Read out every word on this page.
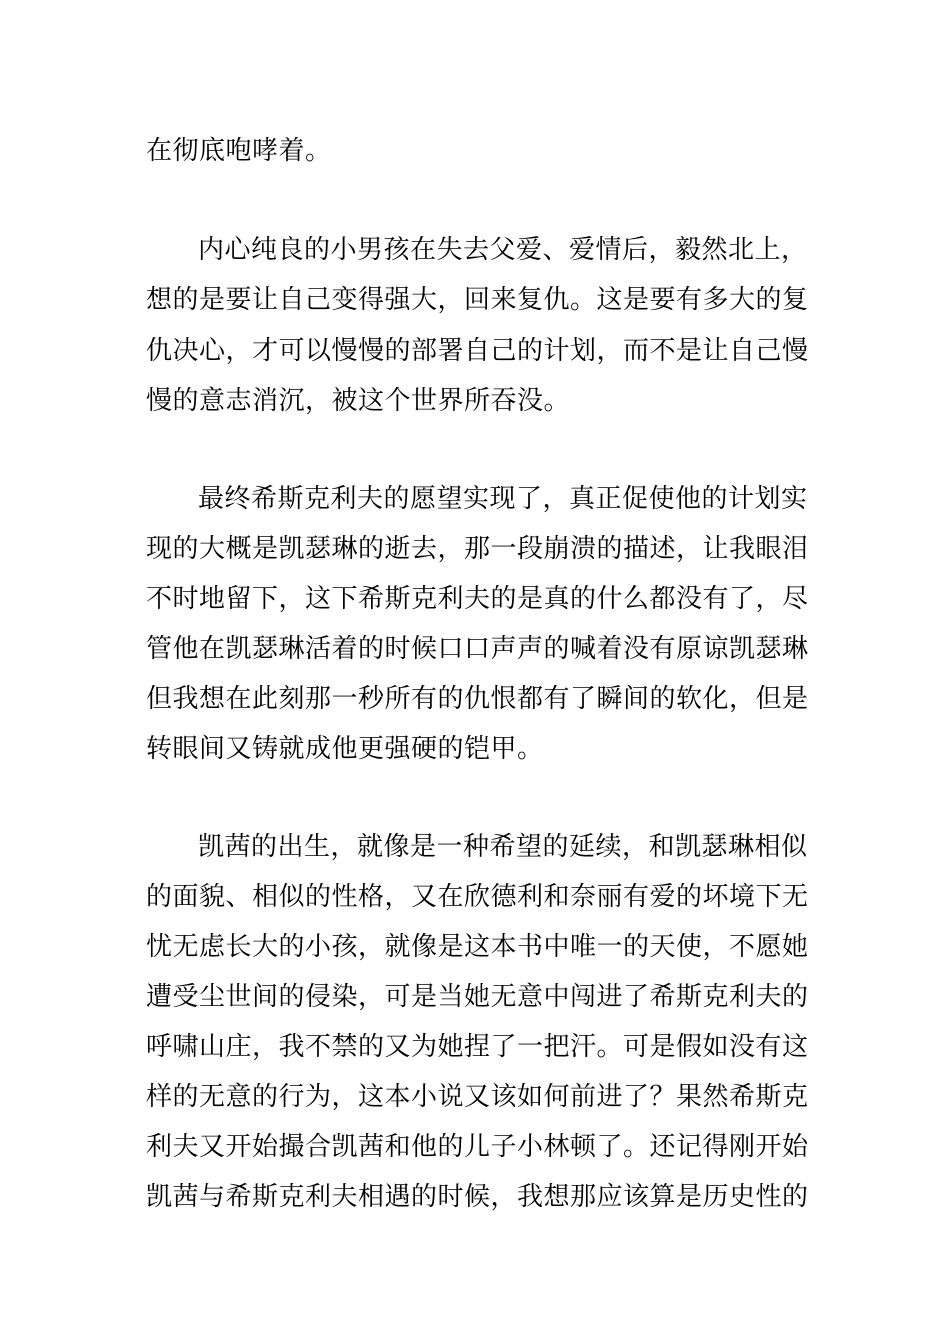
在彻底咆哮着。
内心纯良的小男孩在失去父爱、爱情后，毅然北上，
想的是要让自己变得强大，回来复仇。这是要有多大的复
仇决心，才可以慢慢的部署自己的计划，而不是让自己慢
慢的意志消沉，被这个世界所吞没。
最终希斯克利夫的愿望实现了，真正促使他的计划实
现的大概是凯瑟琳的逝去，那一段崩溃的描述，让我眼泪
不时地留下，这下希斯克利夫的是真的什么都没有了，尽
管他在凯瑟琳活着的时候口口声声的喊着没有原谅凯瑟琳
但我想在此刻那一秒所有的仇恨都有了瞬间的软化，但是
转眼间又铸就成他更强硬的铠甲。
凯茜的出生，就像是一种希望的延续，和凯瑟琳相似
的面貌、相似的性格，又在欣德利和奈丽有爱的坏境下无
忧无虑长大的小孩，就像是这本书中唯一的天使，不愿她
遭受尘世间的侵染，可是当她无意中闯进了希斯克利夫的
呼啸山庄，我不禁的又为她捏了一把汗。可是假如没有这
样的无意的行为，这本小说又该如何前进了？果然希斯克
利夫又开始撮合凯茜和他的儿子小林顿了。还记得刚开始
凯茜与希斯克利夫相遇的时候，我想那应该算是历史性的
